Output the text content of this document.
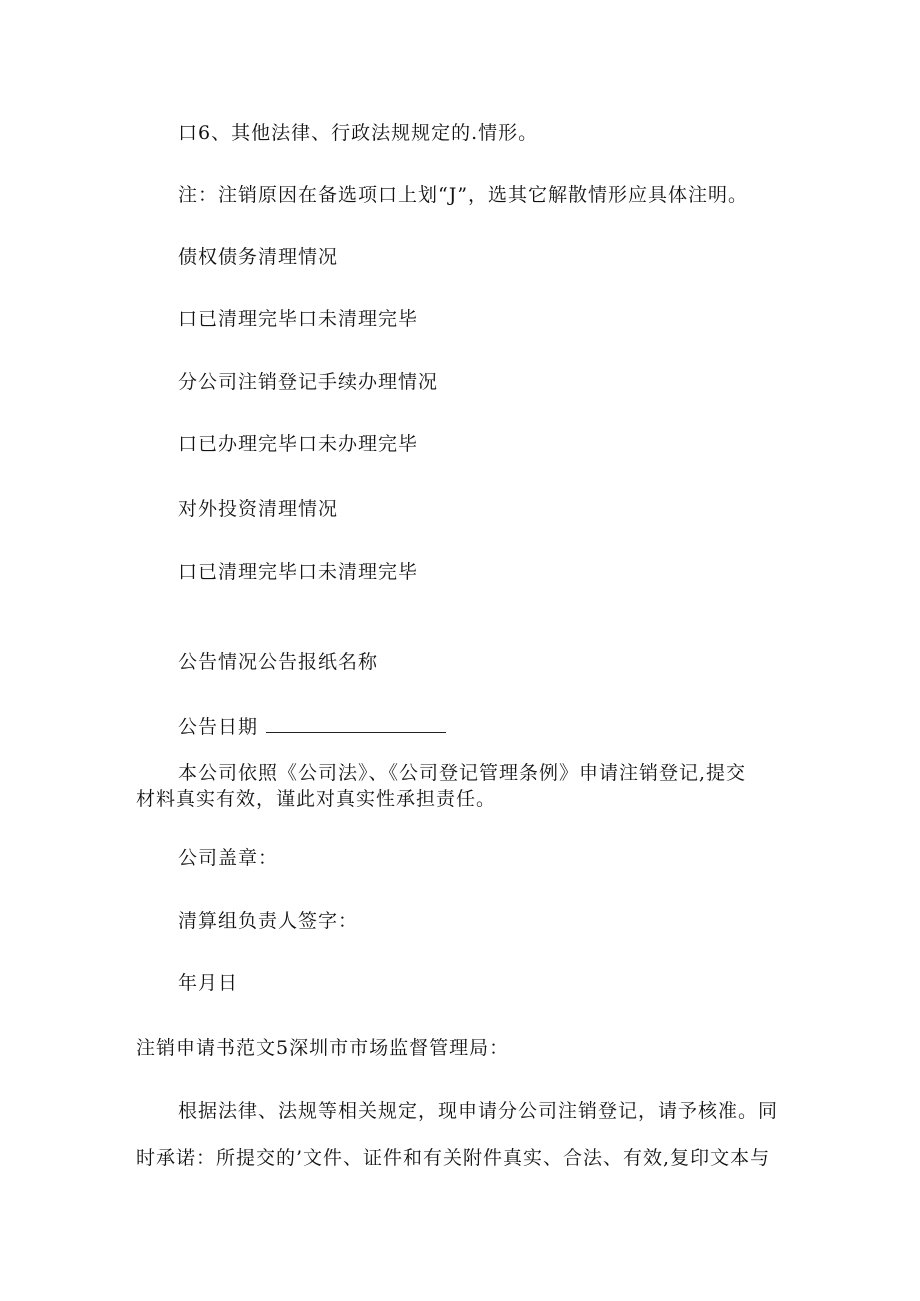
口6、其他法律、行政法规规定的.情形。
注：注销原因在备选项口上划“J”，选其它解散情形应具体注明。
债权债务清理情况
口已清理完毕口未清理完毕
分公司注销登记手续办理情况
口已办理完毕口未办理完毕
对外投资清理情况
口已清理完毕口未清理完毕
公告情况公告报纸名称
公告日期
本公司依照《公司法》、《公司登记管理条例》申请注销登记,提交
材料真实有效，谨此对真实性承担责任。
公司盖章：
清算组负责人签字：
年月日
注销申请书范文5深圳市市场监督管理局：
根据法律、法规等相关规定，现申请分公司注销登记，请予核准。同
时承诺：所提交的’文件、证件和有关附件真实、合法、有效,复印文本与
